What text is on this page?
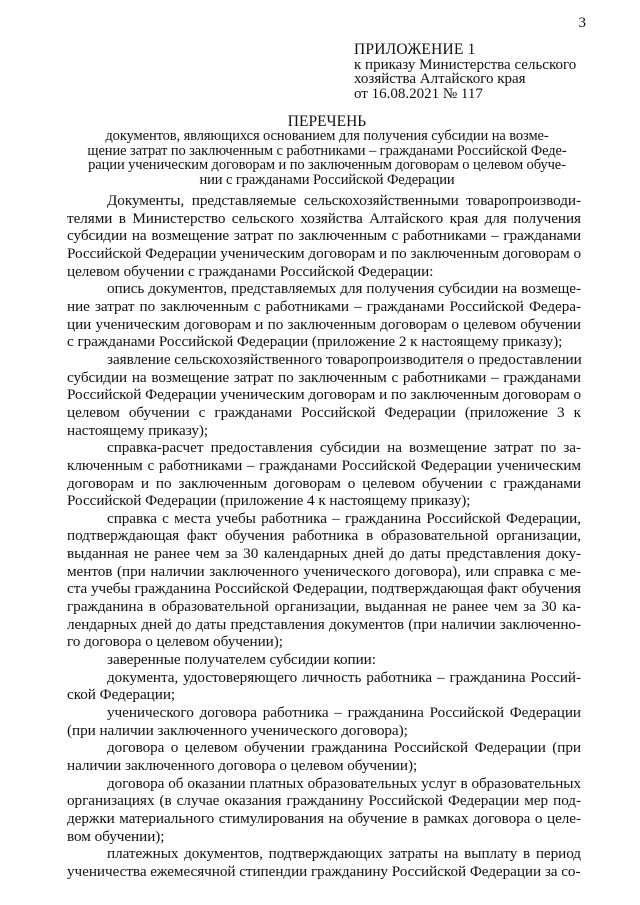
3
ПРИЛОЖЕНИЕ 1
к приказу Министерства сельского
хозяйства Алтайского края
от 16.08.2021 № 117
ПЕРЕЧЕНЬ
документов, являющихся основанием для получения субсидии на возме-
щение затрат по заключенным с работниками – гражданами Российской Феде-
рации ученическим договорам и по заключенным договорам о целевом обуче-
нии с гражданами Российской Федерации
Документы, представляемые сельскохозяйственными товаропроизводи-
телями в Министерство сельского хозяйства Алтайского края для получения
субсидии на возмещение затрат по заключенным с работниками – гражданами
Российской Федерации ученическим договорам и по заключенным договорам о
целевом обучении с гражданами Российской Федерации:
опись документов, представляемых для получения субсидии на возмеще-
ние затрат по заключенным с работниками – гражданами Российской Федера-
ции ученическим договорам и по заключенным договорам о целевом обучении
с гражданами Российской Федерации (приложение 2 к настоящему приказу);
заявление сельскохозяйственного товаропроизводителя о предоставлении
субсидии на возмещение затрат по заключенным с работниками – гражданами
Российской Федерации ученическим договорам и по заключенным договорам о
целевом обучении с гражданами Российской Федерации (приложение 3 к
настоящему приказу);
справка-расчет предоставления субсидии на возмещение затрат по за-
ключенным с работниками – гражданами Российской Федерации ученическим
договорам и по заключенным договорам о целевом обучении с гражданами
Российской Федерации (приложение 4 к настоящему приказу);
справка с места учебы работника – гражданина Российской Федерации,
подтверждающая факт обучения работника в образовательной организации,
выданная не ранее чем за 30 календарных дней до даты представления доку-
ментов (при наличии заключенного ученического договора), или справка с ме-
ста учебы гражданина Российской Федерации, подтверждающая факт обучения
гражданина в образовательной организации, выданная не ранее чем за 30 ка-
лендарных дней до даты представления документов (при наличии заключенно-
го договора о целевом обучении);
заверенные получателем субсидии копии:
документа, удостоверяющего личность работника – гражданина Россий-
ской Федерации;
ученического договора работника – гражданина Российской Федерации
(при наличии заключенного ученического договора);
договора о целевом обучении гражданина Российской Федерации (при
наличии заключенного договора о целевом обучении);
договора об оказании платных образовательных услуг в образовательных
организациях (в случае оказания гражданину Российской Федерации мер под-
держки материального стимулирования на обучение в рамках договора о целе-
вом обучении);
платежных документов, подтверждающих затраты на выплату в период
ученичества ежемесячной стипендии гражданину Российской Федерации за со-
